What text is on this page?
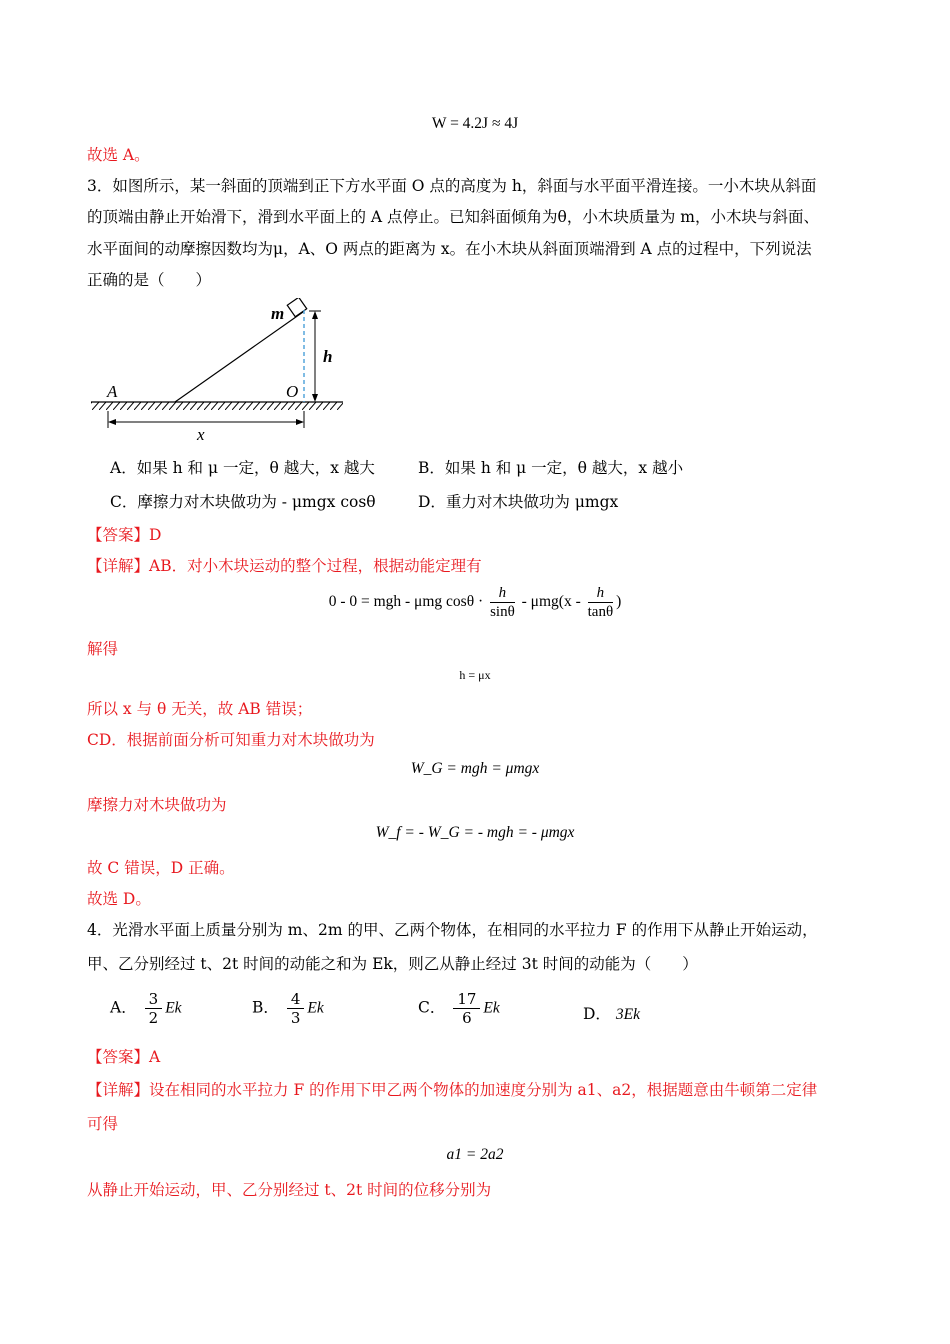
W = 4.2J ≈ 4J
故选 A。
3．如图所示，某一斜面的顶端到正下方水平面 O 点的高度为 h，斜面与水平面平滑连接。一小木块从斜面
的顶端由静止开始滑下，滑到水平面上的 A 点停止。已知斜面倾角为θ，小木块质量为 m，小木块与斜面、
水平面间的动摩擦因数均为μ，A、O 两点的距离为 x。在小木块从斜面顶端滑到 A 点的过程中，下列说法
正确的是（　　）
m
h
A	O
x
A．如果 h 和 μ 一定，θ 越大，x 越大	B．如果 h 和 μ 一定，θ 越大，x 越小
C．摩擦力对木块做功为 - μmgx cosθ	D．重力对木块做功为 μmgx
【答案】D
【详解】AB．对小木块运动的整个过程，根据动能定理有
0 - 0 = mgh - μmg $\cos\theta \cdot \frac{h}{\sin\theta} - \mu mg(x - \frac{h}{\tan\theta}$ )
解得
h = μx
所以 x 与 θ 无关，故 AB 错误；
CD．根据前面分析可知重力对木块做功为
W_G = mgh = μmgx
摩擦力对木块做功为
W_f = - W_G = - mgh = - μmgx
故 C 错误，D 正确。
故选 D。
4．光滑水平面上质量分别为 m、2m 的甲、乙两个物体，在相同的水平拉力 F 的作用下从静止开始运动，
甲、乙分别经过 t、2t 时间的动能之和为 Ek，则乙从静止经过 3t 时间的动能为（　　）
A． $\frac{3}{2}$ Ek	B． $\frac{4}{3}$ Ek	C． $\frac{17}{6}$ Ek	D． 3Ek
【答案】A
【详解】设在相同的水平拉力 F 的作用下甲乙两个物体的加速度分别为 a1、a2，根据题意由牛顿第二定律
可得
a1 = 2a2
从静止开始运动，甲、乙分别经过 t、2t 时间的位移分别为
